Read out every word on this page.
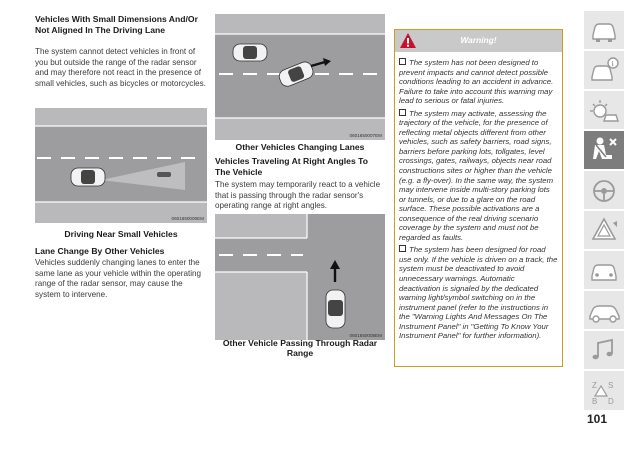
Vehicles With Small Dimensions And/Or Not Aligned In The Driving Lane
The system cannot detect vehicles in front of you but outside the range of the radar sensor and may therefore not react in the presence of small vehicles, such as bicycles or motorcycles.
0601650006EM
Driving Near Small Vehicles
Lane Change By Other Vehicles
Vehicles suddenly changing lanes to enter the same lane as your vehicle within the operating range of the radar sensor, may cause the system to intervene.
0601650007EM
Other Vehicles Changing Lanes
Vehicles Traveling At Right Angles To The Vehicle
The system may temporarily react to a vehicle that is passing through the radar sensor's operating range at right angles.
0601650008EM
Other Vehicle Passing Through Radar Range
Warning!
The system has not been designed to prevent impacts and cannot detect possible conditions leading to an accident in advance. Failure to take into account this warning may lead to serious or fatal injuries.
The system may activate, assessing the trajectory of the vehicle, for the presence of reflecting metal objects different from other vehicles, such as safety barriers, road signs, barriers before parking lots, tollgates, level crossings, gates, railways, objects near road constructions sites or higher than the vehicle (e.g. a fly-over). In the same way, the system may intervene inside multi-story parking lots or tunnels, or due to a glare on the road surface. These possible activations are a consequence of the real driving scenario coverage by the system and must not be regarded as faults.
The system has been designed for road use only. If the vehicle is driven on a track, the system must be deactivated to avoid unnecessary warnings. Automatic deactivation is signaled by the dedicated warning light/symbol switching on in the instrument panel (refer to the instructions in the "Warning Lights And Messages On The Instrument Panel" in "Getting To Know Your Instrument Panel" for further information).
i
Z S
B D
101
